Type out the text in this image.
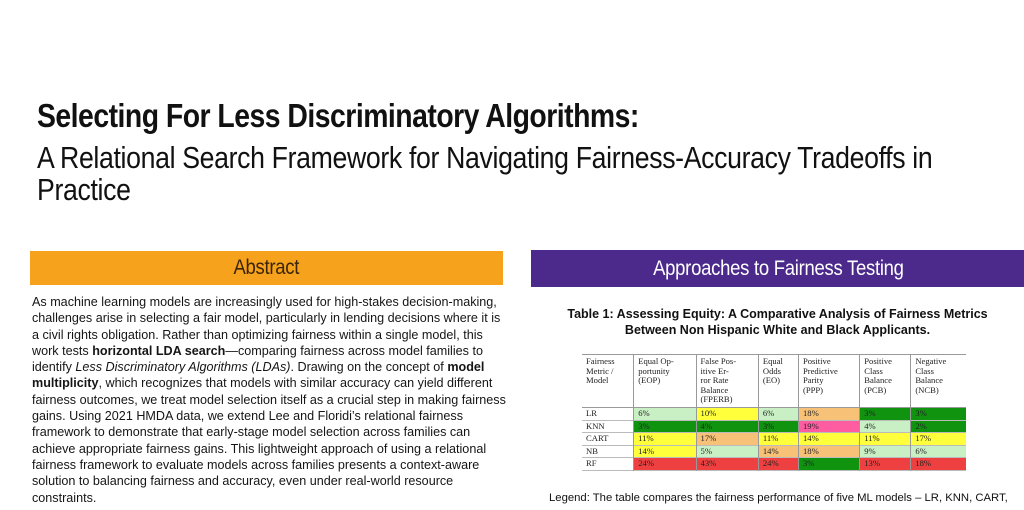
Selecting For Less Discriminatory Algorithms:
A Relational Search Framework for Navigating Fairness-Accuracy Tradeoffs in Practice
Abstract
As machine learning models are increasingly used for high-stakes decision-making, challenges arise in selecting a fair model, particularly in lending decisions where it is a civil rights obligation. Rather than optimizing fairness within a single model, this work tests horizontal LDA search—comparing fairness across model families to identify Less Discriminatory Algorithms (LDAs). Drawing on the concept of model multiplicity, which recognizes that models with similar accuracy can yield different fairness outcomes, we treat model selection itself as a crucial step in making fairness gains. Using 2021 HMDA data, we extend Lee and Floridi’s relational fairness framework to demonstrate that early-stage model selection across families can achieve appropriate fairness gains. This lightweight approach of using a relational fairness framework to evaluate models across families presents a context-aware solution to balancing fairness and accuracy, even under real-world resource constraints.
Approaches to Fairness Testing
Table 1: Assessing Equity: A Comparative Analysis of Fairness Metrics Between Non Hispanic White and Black Applicants.
Fairness
Metric /
Model	Equal Op-
portunity
(EOP)	False Pos-
itive Er-
ror Rate
Balance
(FPERB)	Equal
Odds
(EO)	Positive
Predictive
Parity
(PPP)	Positive
Class
Balance
(PCB)	Negative
Class
Balance
(NCB)
LR	6%	10%	6%	18%	3%	3%
KNN	3%	4%	3%	19%	4%	2%
CART	11%	17%	11%	14%	11%	17%
NB	14%	5%	14%	18%	9%	6%
RF	24%	43%	24%	3%	13%	18%
Legend: The table compares the fairness performance of five ML models – LR, KNN, CART,
